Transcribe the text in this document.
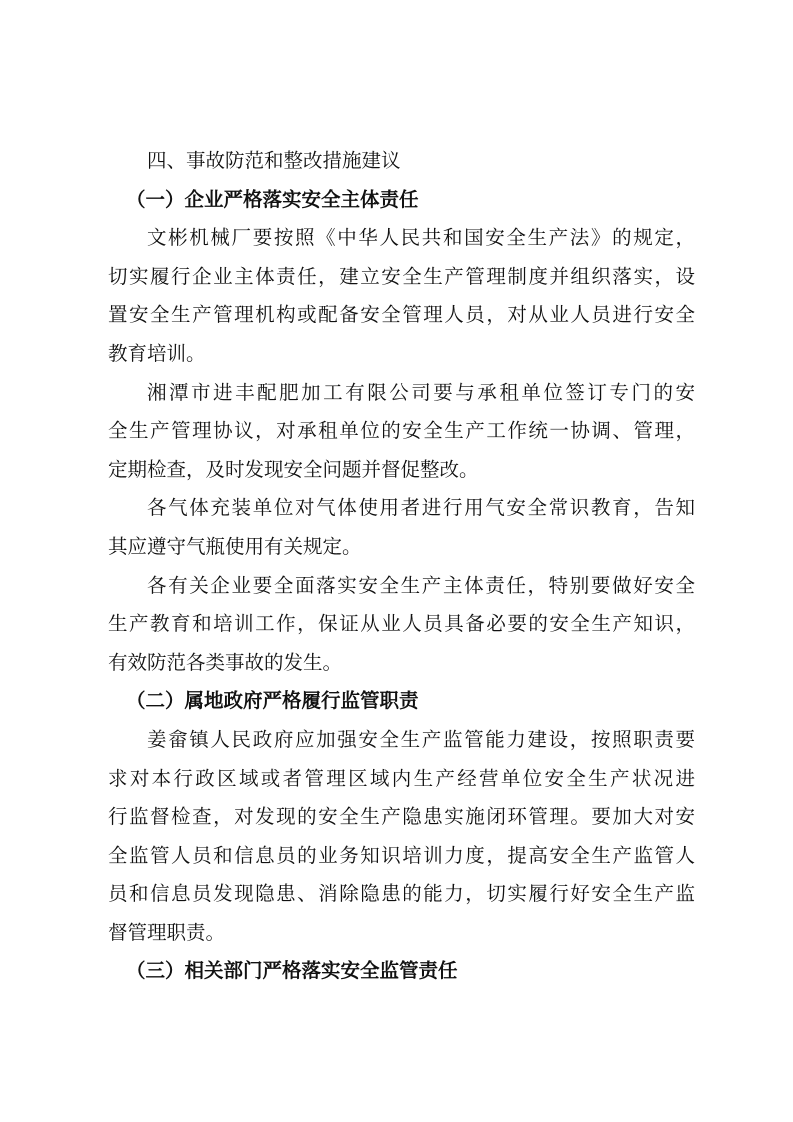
四、事故防范和整改措施建议
（一）企业严格落实安全主体责任
文彬机械厂要按照《中华人民共和国安全生产法》的规定，
切实履行企业主体责任，建立安全生产管理制度并组织落实，设
置安全生产管理机构或配备安全管理人员，对从业人员进行安全
教育培训。
湘潭市进丰配肥加工有限公司要与承租单位签订专门的安
全生产管理协议，对承租单位的安全生产工作统一协调、管理，
定期检查，及时发现安全问题并督促整改。
各气体充装单位对气体使用者进行用气安全常识教育，告知
其应遵守气瓶使用有关规定。
各有关企业要全面落实安全生产主体责任，特别要做好安全
生产教育和培训工作，保证从业人员具备必要的安全生产知识，
有效防范各类事故的发生。
（二）属地政府严格履行监管职责
姜畲镇人民政府应加强安全生产监管能力建设，按照职责要
求对本行政区域或者管理区域内生产经营单位安全生产状况进
行监督检查，对发现的安全生产隐患实施闭环管理。要加大对安
全监管人员和信息员的业务知识培训力度，提高安全生产监管人
员和信息员发现隐患、消除隐患的能力，切实履行好安全生产监
督管理职责。
（三）相关部门严格落实安全监管责任
